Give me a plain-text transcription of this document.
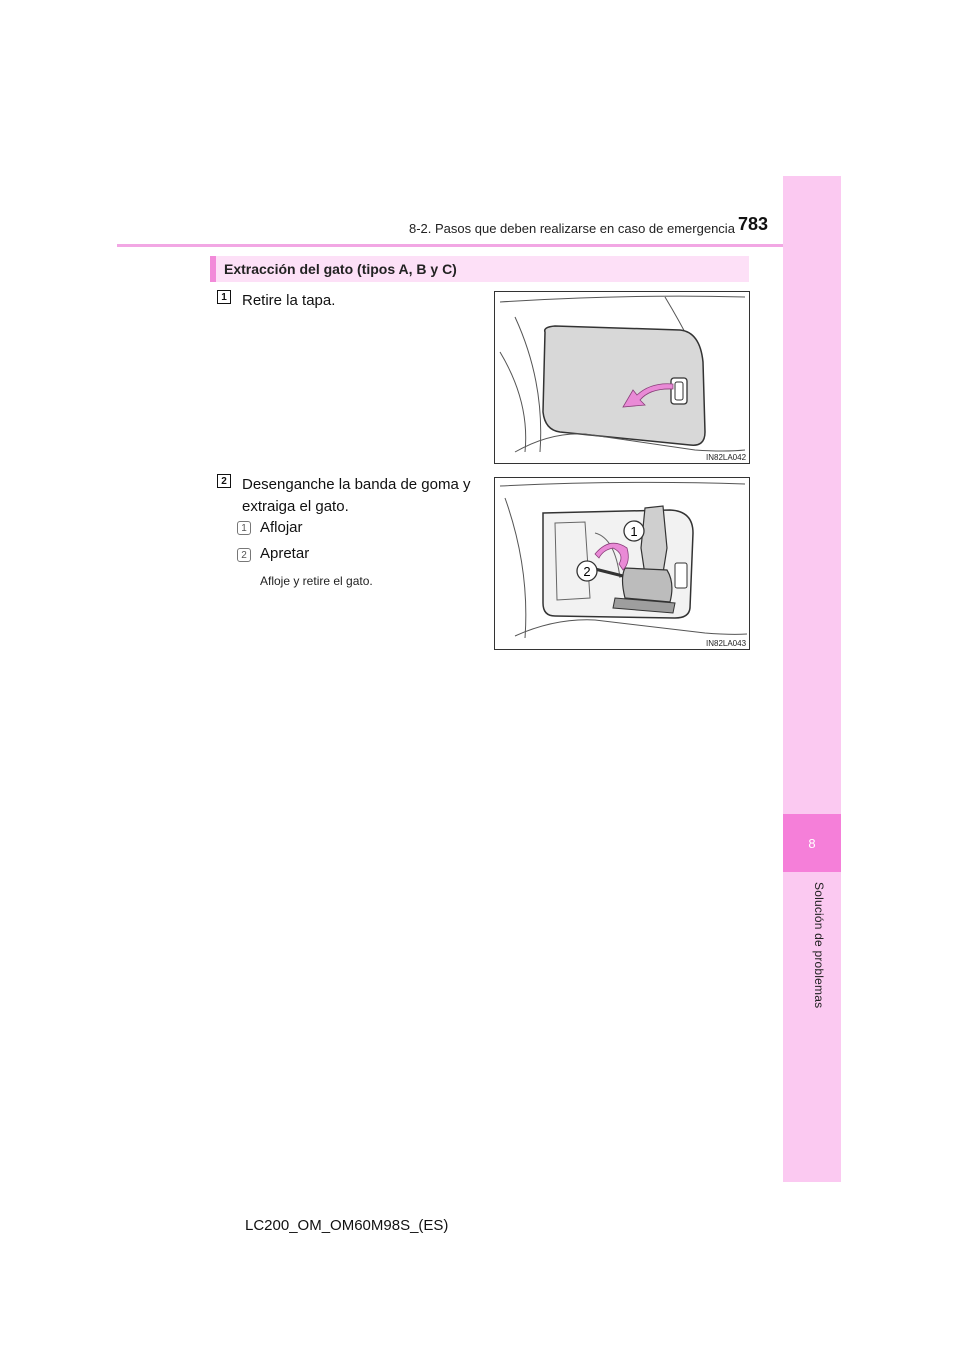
8
Solución de problemas
8-2. Pasos que deben realizarse en caso de emergencia 783
Extracción del gato (tipos A, B y C)
1 Retire la tapa.
IN82LA042
2 Desenganche la banda de goma y
extraiga el gato.
1 Aflojar
2 Apretar
Afloje y retire el gato.
1
2
IN82LA043
LC200_OM_OM60M98S_(ES)
